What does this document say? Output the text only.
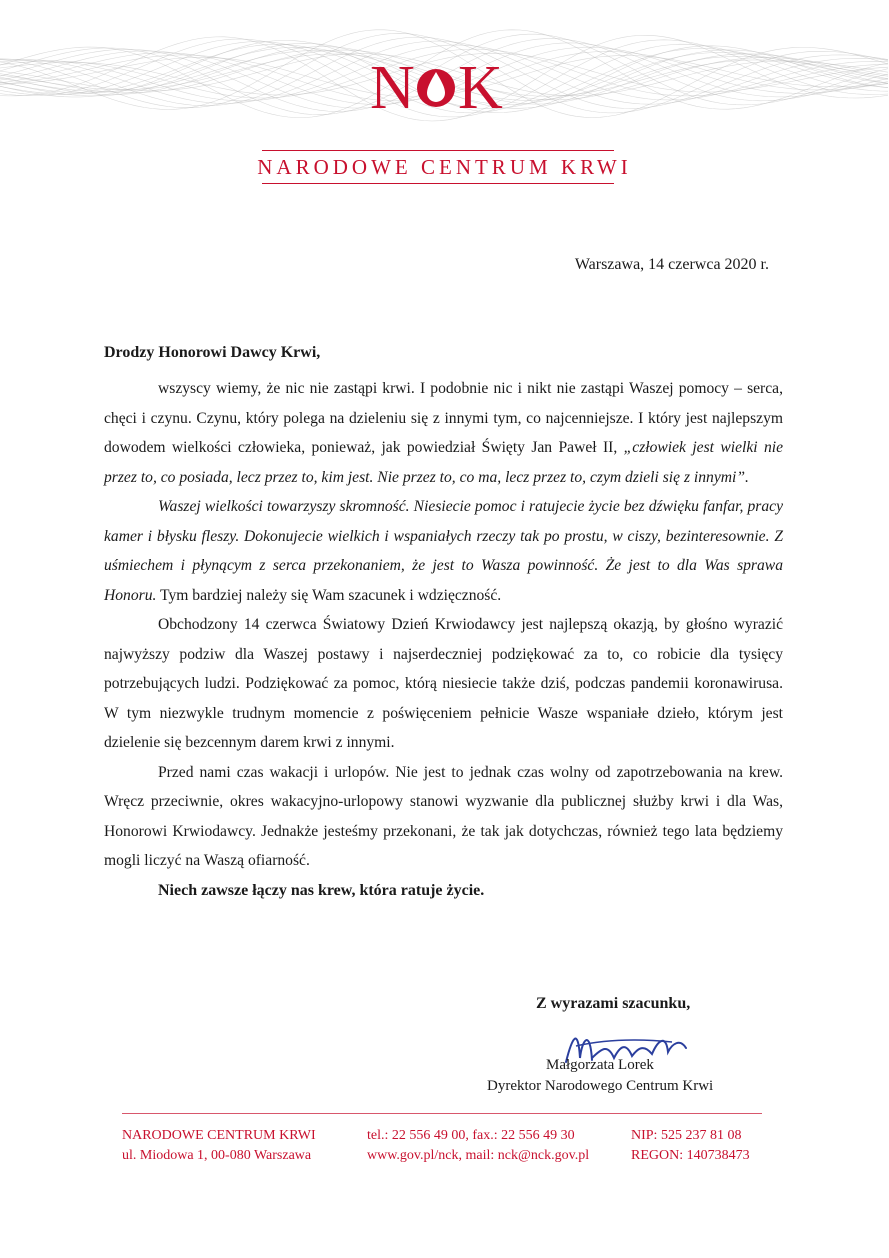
N K
NARODOWE CENTRUM KRWI
Warszawa, 14 czerwca 2020 r.

Drodzy Honorowi Dawcy Krwi,

wszyscy wiemy, że nic nie zastąpi krwi. I podobnie nic i nikt nie zastąpi Waszej pomocy – serca, chęci i czynu. Czynu, który polega na dzieleniu się z innymi tym, co najcenniejsze. I który jest najlepszym dowodem wielkości człowieka, ponieważ, jak powiedział Święty Jan Paweł II, „człowiek jest wielki nie przez to, co posiada, lecz przez to, kim jest. Nie przez to, co ma, lecz przez to, czym dzieli się z innymi”.

Waszej wielkości towarzyszy skromność. Niesiecie pomoc i ratujecie życie bez dźwięku fanfar, pracy kamer i błysku fleszy. Dokonujecie wielkich i wspaniałych rzeczy tak po prostu, w ciszy, bezinteresownie. Z uśmiechem i płynącym z serca przekonaniem, że jest to Wasza powinność. Że jest to dla Was sprawa Honoru. Tym bardziej należy się Wam szacunek i wdzięczność.

Obchodzony 14 czerwca Światowy Dzień Krwiodawcy jest najlepszą okazją, by głośno wyrazić najwyższy podziw dla Waszej postawy i najserdeczniej podziękować za to, co robicie dla tysięcy potrzebujących ludzi. Podziękować za pomoc, którą niesiecie także dziś, podczas pandemii koronawirusa. W tym niezwykle trudnym momencie z poświęceniem pełnicie Wasze wspaniałe dzieło, którym jest dzielenie się bezcennym darem krwi z innymi.

Przed nami czas wakacji i urlopów. Nie jest to jednak czas wolny od zapotrzebowania na krew. Wręcz przeciwnie, okres wakacyjno-urlopowy stanowi wyzwanie dla publicznej służby krwi i dla Was, Honorowi Krwiodawcy. Jednakże jesteśmy przekonani, że tak jak dotychczas, również tego lata będziemy mogli liczyć na Waszą ofiarność.

Niech zawsze łączy nas krew, która ratuje życie.

Z wyrazami szacunku,
Małgorzata Lorek
Dyrektor Narodowego Centrum Krwi
NARODOWE CENTRUM KRWI
ul. Miodowa 1, 00-080 Warszawa
tel.: 22 556 49 00, fax.: 22 556 49 30
www.gov.pl/nck, mail: nck@nck.gov.pl
NIP: 525 237 81 08
REGON: 140738473
